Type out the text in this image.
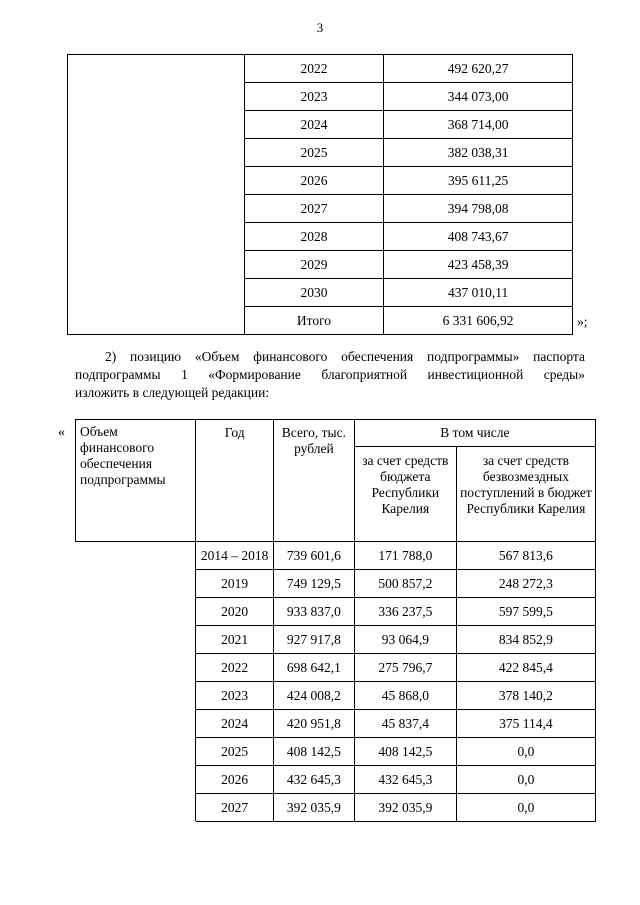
3
	2022	492 620,27
	2023	344 073,00
	2024	368 714,00
	2025	382 038,31
	2026	395 611,25
	2027	394 798,08
	2028	408 743,67
	2029	423 458,39
	2030	437 010,11
	Итого	6 331 606,92	»;
2) позицию «Объем финансового обеспечения подпрограммы» паспорта
подпрограммы 1 «Формирование благоприятной инвестиционной среды»
изложить в следующей редакции:
« Объем финансового обеспечения подпрограммы	Год	Всего, тыс. рублей	В том числе	
			за счет средств бюджета Республики Карелия	за счет средств безвозмездных поступлений в бюджет Республики Карелия
	2014 – 2018	739 601,6	171 788,0	567 813,6
	2019	749 129,5	500 857,2	248 272,3
	2020	933 837,0	336 237,5	597 599,5
	2021	927 917,8	93 064,9	834 852,9
	2022	698 642,1	275 796,7	422 845,4
	2023	424 008,2	45 868,0	378 140,2
	2024	420 951,8	45 837,4	375 114,4
	2025	408 142,5	408 142,5	0,0
	2026	432 645,3	432 645,3	0,0
	2027	392 035,9	392 035,9	0,0
